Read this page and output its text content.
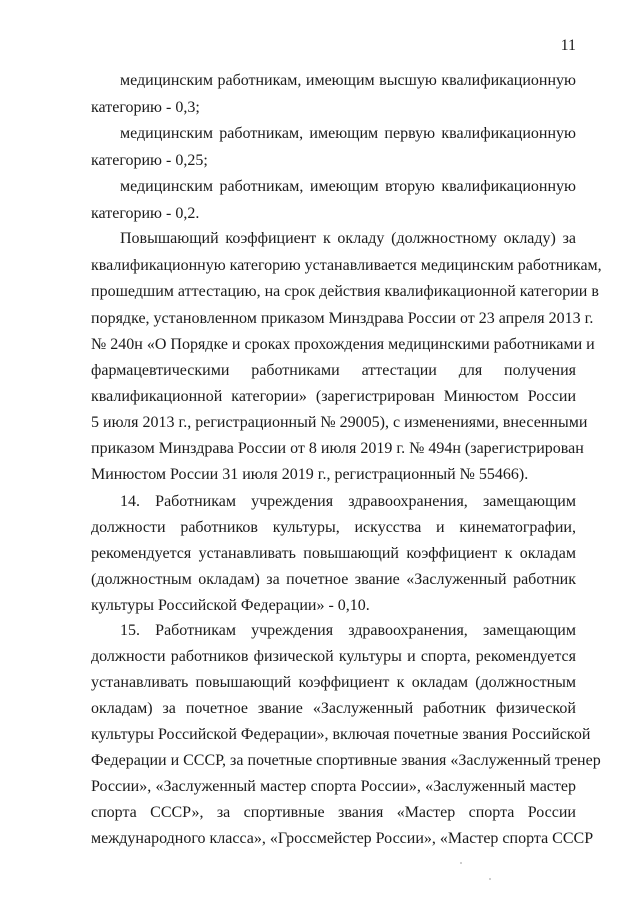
11
медицинским работникам, имеющим высшую квалификационную
категорию - 0,3;
медицинским работникам, имеющим первую квалификационную
категорию - 0,25;
медицинским работникам, имеющим вторую квалификационную
категорию - 0,2.
Повышающий коэффициент к окладу (должностному окладу) за
квалификационную категорию устанавливается медицинским работникам,
прошедшим аттестацию, на срок действия квалификационной категории в
порядке, установленном приказом Минздрава России от 23 апреля 2013 г.
№ 240н «О Порядке и сроках прохождения медицинскими работниками и
фармацевтическими работниками аттестации для получения
квалификационной категории» (зарегистрирован Минюстом России
5 июля 2013 г., регистрационный № 29005), с изменениями, внесенными
приказом Минздрава России от 8 июля 2019 г. № 494н (зарегистрирован
Минюстом России 31 июля 2019 г., регистрационный № 55466).
14. Работникам учреждения здравоохранения, замещающим
должности работников культуры, искусства и кинематографии,
рекомендуется устанавливать повышающий коэффициент к окладам
(должностным окладам) за почетное звание «Заслуженный работник
культуры Российской Федерации» - 0,10.
15. Работникам учреждения здравоохранения, замещающим
должности работников физической культуры и спорта, рекомендуется
устанавливать повышающий коэффициент к окладам (должностным
окладам) за почетное звание «Заслуженный работник физической
культуры Российской Федерации», включая почетные звания Российской
Федерации и СССР, за почетные спортивные звания «Заслуженный тренер
России», «Заслуженный мастер спорта России», «Заслуженный мастер
спорта СССР», за спортивные звания «Мастер спорта России
международного класса», «Гроссмейстер России», «Мастер спорта СССР
